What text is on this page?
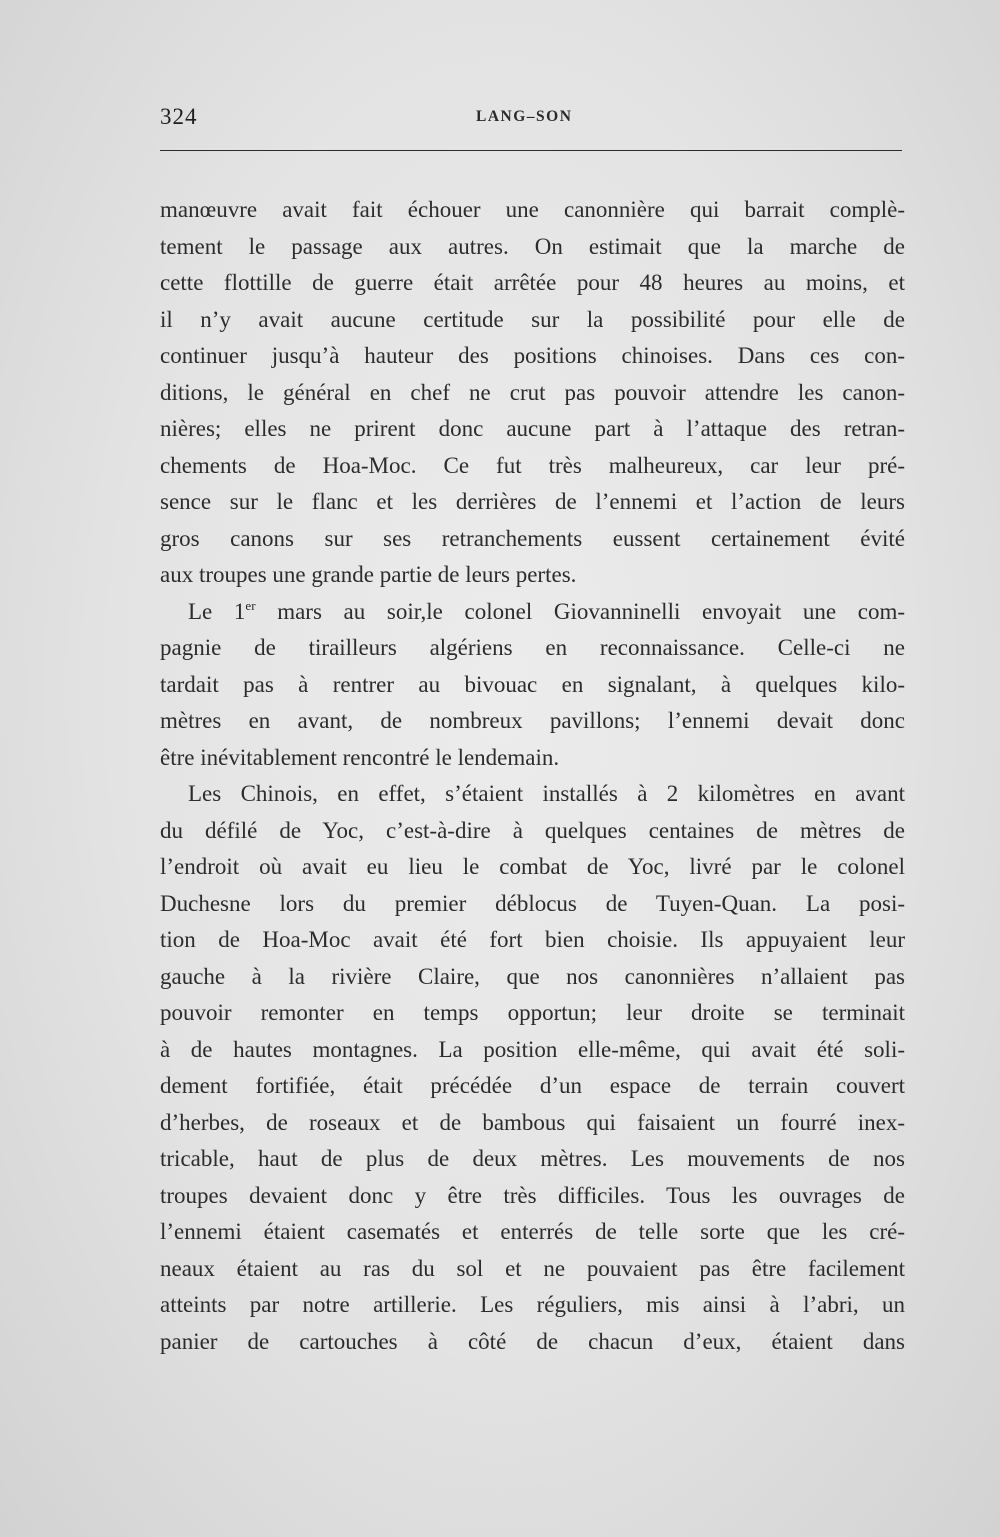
324	LANG–SON
manœuvre avait fait échouer une canonnière qui barrait complè-
tement le passage aux autres. On estimait que la marche de
cette flottille de guerre était arrêtée pour 48 heures au moins, et
il n’y avait aucune certitude sur la possibilité pour elle de
continuer jusqu’à hauteur des positions chinoises. Dans ces con-
ditions, le général en chef ne crut pas pouvoir attendre les canon-
nières; elles ne prirent donc aucune part à l’attaque des retran-
chements de Hoa-Moc. Ce fut très malheureux, car leur pré-
sence sur le flanc et les derrières de l’ennemi et l’action de leurs
gros canons sur ses retranchements eussent certainement évité
aux troupes une grande partie de leurs pertes.
Le 1er mars au soir,le colonel Giovanninelli envoyait une com-
pagnie de tirailleurs algériens en reconnaissance. Celle-ci ne
tardait pas à rentrer au bivouac en signalant, à quelques kilo-
mètres en avant, de nombreux pavillons; l’ennemi devait donc
être inévitablement rencontré le lendemain.
Les Chinois, en effet, s’étaient installés à 2 kilomètres en avant
du défilé de Yoc, c’est-à-dire à quelques centaines de mètres de
l’endroit où avait eu lieu le combat de Yoc, livré par le colonel
Duchesne lors du premier déblocus de Tuyen-Quan. La posi-
tion de Hoa-Moc avait été fort bien choisie. Ils appuyaient leur
gauche à la rivière Claire, que nos canonnières n’allaient pas
pouvoir remonter en temps opportun; leur droite se terminait
à de hautes montagnes. La position elle-même, qui avait été soli-
dement fortifiée, était précédée d’un espace de terrain couvert
d’herbes, de roseaux et de bambous qui faisaient un fourré inex-
tricable, haut de plus de deux mètres. Les mouvements de nos
troupes devaient donc y être très difficiles. Tous les ouvrages de
l’ennemi étaient casematés et enterrés de telle sorte que les cré-
neaux étaient au ras du sol et ne pouvaient pas être facilement
atteints par notre artillerie. Les réguliers, mis ainsi à l’abri, un
panier de cartouches à côté de chacun d’eux, étaient dans
